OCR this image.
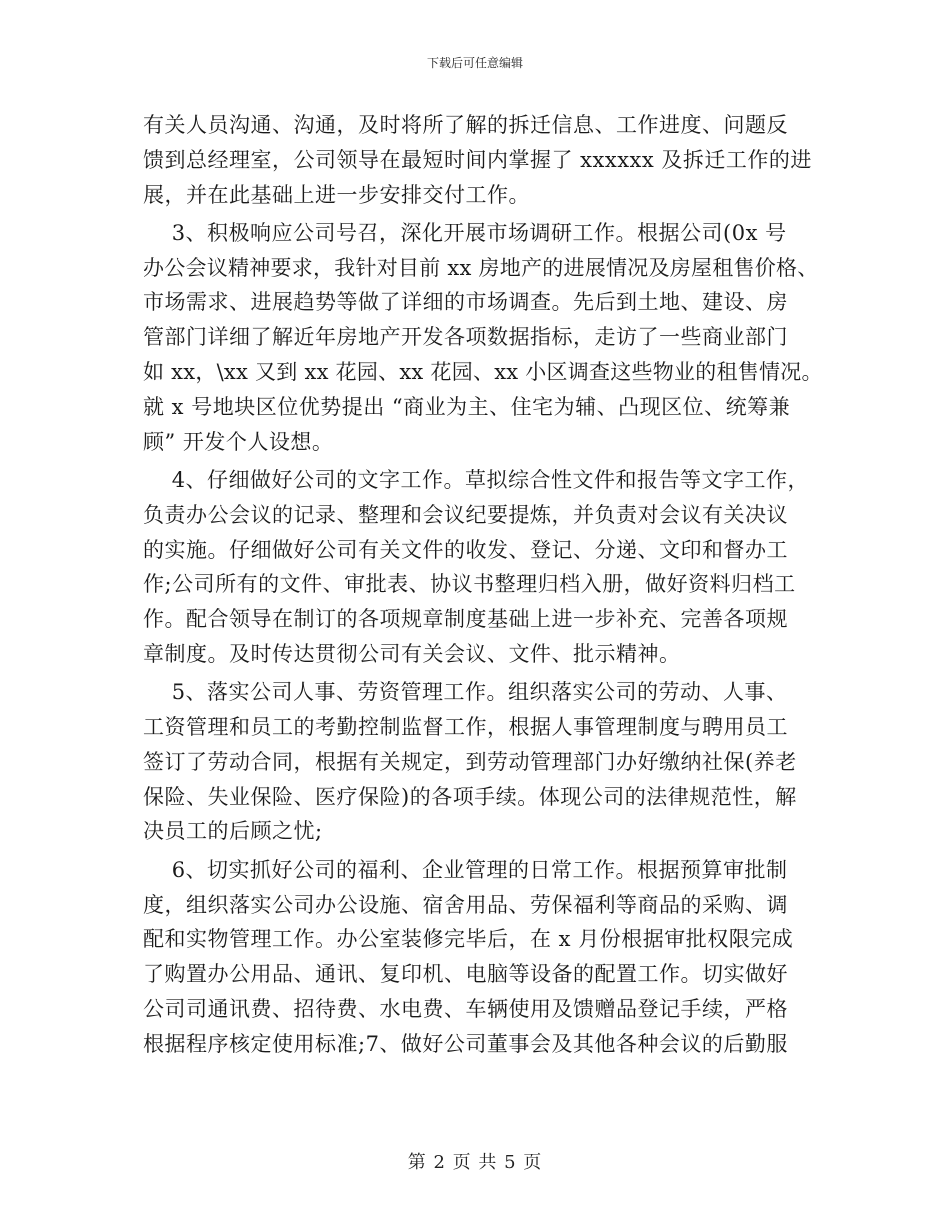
下载后可任意编辑
有关人员沟通、沟通，及时将所了解的拆迁信息、工作进度、问题反
馈到总经理室，公司领导在最短时间内掌握了 xxxxxx 及拆迁工作的进
展，并在此基础上进一步安排交付工作。
3、积极响应公司号召，深化开展市场调研工作。根据公司(0x 号
办公会议精神要求，我针对目前 xx 房地产的进展情况及房屋租售价格、
市场需求、进展趋势等做了详细的市场调查。先后到土地、建设、房
管部门详细了解近年房地产开发各项数据指标，走访了一些商业部门
如 xx，\xx 又到 xx 花园、xx 花园、xx 小区调查这些物业的租售情况。
就 x 号地块区位优势提出 “商业为主、住宅为辅、凸现区位、统筹兼
顾” 开发个人设想。
4、仔细做好公司的文字工作。草拟综合性文件和报告等文字工作，
负责办公会议的记录、整理和会议纪要提炼，并负责对会议有关决议
的实施。仔细做好公司有关文件的收发、登记、分递、文印和督办工
作;公司所有的文件、审批表、协议书整理归档入册，做好资料归档工
作。配合领导在制订的各项规章制度基础上进一步补充、完善各项规
章制度。及时传达贯彻公司有关会议、文件、批示精神。
5、落实公司人事、劳资管理工作。组织落实公司的劳动、人事、
工资管理和员工的考勤控制监督工作，根据人事管理制度与聘用员工
签订了劳动合同，根据有关规定，到劳动管理部门办好缴纳社保(养老
保险、失业保险、医疗保险)的各项手续。体现公司的法律规范性，解
决员工的后顾之忧;
6、切实抓好公司的福利、企业管理的日常工作。根据预算审批制
度，组织落实公司办公设施、宿舍用品、劳保福利等商品的采购、调
配和实物管理工作。办公室装修完毕后，在 x 月份根据审批权限完成
了购置办公用品、通讯、复印机、电脑等设备的配置工作。切实做好
公司司通讯费、招待费、水电费、车辆使用及馈赠品登记手续，严格
根据程序核定使用标准;7、做好公司董事会及其他各种会议的后勤服
第 2 页 共 5 页
